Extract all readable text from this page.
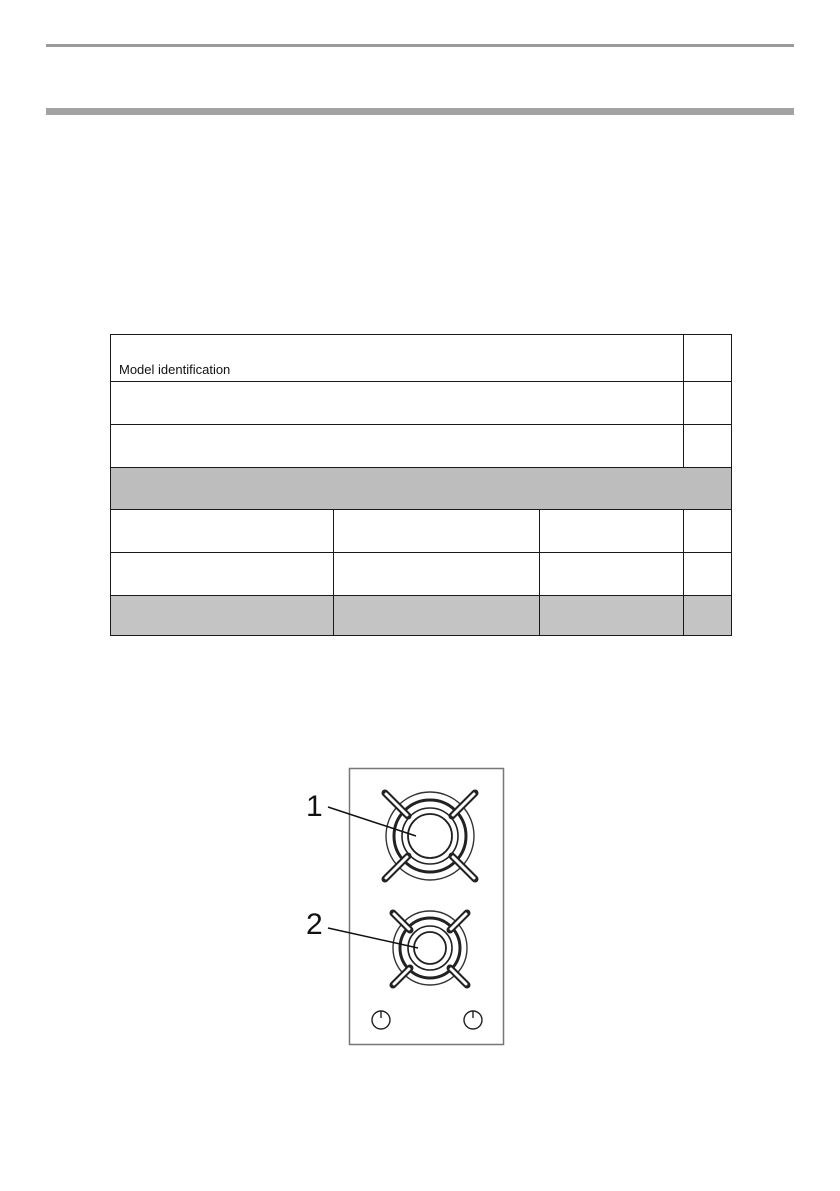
Model identification			

1
2
